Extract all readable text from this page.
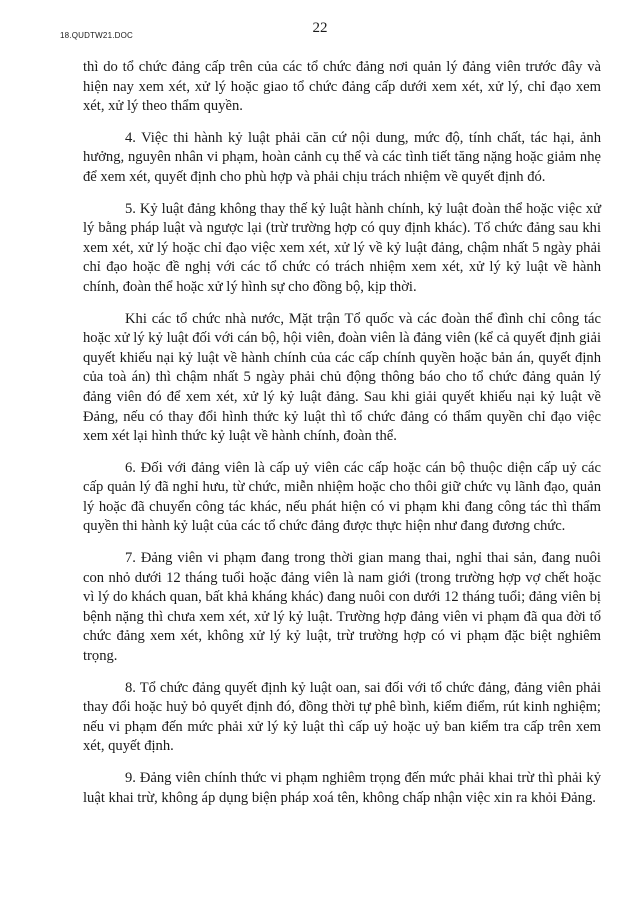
18.QUDTW21.DOC	22

thì do tổ chức đảng cấp trên của các tổ chức đảng nơi quản lý đảng viên trước đây và hiện nay xem xét, xử lý hoặc giao tổ chức đảng cấp dưới xem xét, xử lý, chỉ đạo xem xét, xử lý theo thẩm quyền.

4. Việc thi hành kỷ luật phải căn cứ nội dung, mức độ, tính chất, tác hại, ảnh hưởng, nguyên nhân vi phạm, hoàn cảnh cụ thể và các tình tiết tăng nặng hoặc giảm nhẹ để xem xét, quyết định cho phù hợp và phải chịu trách nhiệm về quyết định đó.

5. Kỷ luật đảng không thay thế kỷ luật hành chính, kỷ luật đoàn thể hoặc việc xử lý bằng pháp luật và ngược lại (trừ trường hợp có quy định khác). Tổ chức đảng sau khi xem xét, xử lý hoặc chỉ đạo việc xem xét, xử lý về kỷ luật đảng, chậm nhất 5 ngày phải chỉ đạo hoặc đề nghị với các tổ chức có trách nhiệm xem xét, xử lý kỷ luật về hành chính, đoàn thể hoặc xử lý hình sự cho đồng bộ, kịp thời.

Khi các tổ chức nhà nước, Mặt trận Tổ quốc và các đoàn thể đình chỉ công tác hoặc xử lý kỷ luật đối với cán bộ, hội viên, đoàn viên là đảng viên (kể cả quyết định giải quyết khiếu nại kỷ luật về hành chính của các cấp chính quyền hoặc bản án, quyết định của toà án) thì chậm nhất 5 ngày phải chủ động thông báo cho tổ chức đảng quản lý đảng viên đó để xem xét, xử lý kỷ luật đảng. Sau khi giải quyết khiếu nại kỷ luật về Đảng, nếu có thay đổi hình thức kỷ luật thì tổ chức đảng có thẩm quyền chỉ đạo việc xem xét lại hình thức kỷ luật về hành chính, đoàn thể.

6. Đối với đảng viên là cấp uỷ viên các cấp hoặc cán bộ thuộc diện cấp uỷ các cấp quản lý đã nghỉ hưu, từ chức, miễn nhiệm hoặc cho thôi giữ chức vụ lãnh đạo, quản lý hoặc đã chuyển công tác khác, nếu phát hiện có vi phạm khi đang công tác thì thẩm quyền thi hành kỷ luật của các tổ chức đảng được thực hiện như đang đương chức.

7. Đảng viên vi phạm đang trong thời gian mang thai, nghỉ thai sản, đang nuôi con nhỏ dưới 12 tháng tuổi hoặc đảng viên là nam giới (trong trường hợp vợ chết hoặc vì lý do khách quan, bất khả kháng khác) đang nuôi con dưới 12 tháng tuổi; đảng viên bị bệnh nặng thì chưa xem xét, xử lý kỷ luật. Trường hợp đảng viên vi phạm đã qua đời tổ chức đảng xem xét, không xử lý kỷ luật, trừ trường hợp có vi phạm đặc biệt nghiêm trọng.

8. Tổ chức đảng quyết định kỷ luật oan, sai đối với tổ chức đảng, đảng viên phải thay đổi hoặc huỷ bỏ quyết định đó, đồng thời tự phê bình, kiểm điểm, rút kinh nghiệm; nếu vi phạm đến mức phải xử lý kỷ luật thì cấp uỷ hoặc uỷ ban kiểm tra cấp trên xem xét, quyết định.

9. Đảng viên chính thức vi phạm nghiêm trọng đến mức phải khai trừ thì phải kỷ luật khai trừ, không áp dụng biện pháp xoá tên, không chấp nhận việc xin ra khỏi Đảng.
